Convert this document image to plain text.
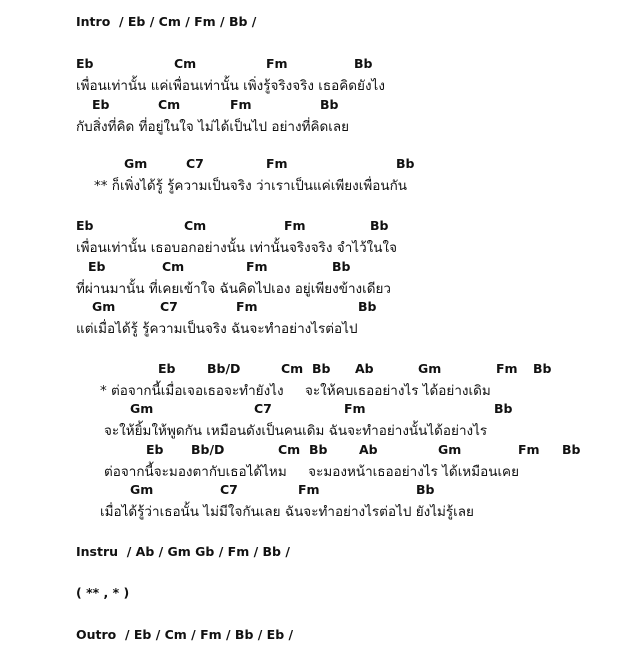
Intro  / Eb / Cm / Fm / Bb /
Eb	Cm	Fm	Bb
เพื่อนเท่านั้น แค่เพื่อนเท่านั้น เพิ่งรู้จริงจริง เธอคิดยังไง
Eb	Cm	Fm	Bb
กับสิ่งที่คิด ที่อยู่ในใจ ไม่ได้เป็นไป อย่างที่คิดเลย
Gm	C7	Fm	Bb
** ก็เพิ่งได้รู้ รู้ความเป็นจริง ว่าเราเป็นแค่เพียงเพื่อนกัน
Eb	Cm	Fm	Bb
เพื่อนเท่านั้น เธอบอกอย่างนั้น เท่านั้นจริงจริง จำไว้ในใจ
Eb	Cm	Fm	Bb
ที่ผ่านมานั้น ที่เคยเข้าใจ ฉันคิดไปเอง อยู่เพียงข้างเดียว
Gm	C7	Fm	Bb
แต่เมื่อได้รู้ รู้ความเป็นจริง ฉันจะทำอย่างไรต่อไป
Eb	Bb/D	Cm Bb Ab	Gm	Fm Bb
* ต่อจากนี้เมื่อเจอเธอจะทำยังไง     จะให้คบเธออย่างไร ได้อย่างเดิม
Gm	C7	Fm	Bb
จะให้ยิ้มให้พูดกัน เหมือนดังเป็นคนเดิม ฉันจะทำอย่างนั้นได้อย่างไร
Eb Bb/D	Cm Bb	Ab	Gm	Fm Bb
ต่อจากนี้จะมองตากับเธอได้ไหม     จะมองหน้าเธออย่างไร ได้เหมือนเคย
Gm	C7	Fm	Bb
เมื่อได้รู้ว่าเธอนั้น ไม่มีใจกันเลย ฉันจะทำอย่างไรต่อไป ยังไม่รู้เลย
Instru  / Ab / Gm Gb / Fm / Bb /
( ** , * )
Outro  / Eb / Cm / Fm / Bb / Eb /
